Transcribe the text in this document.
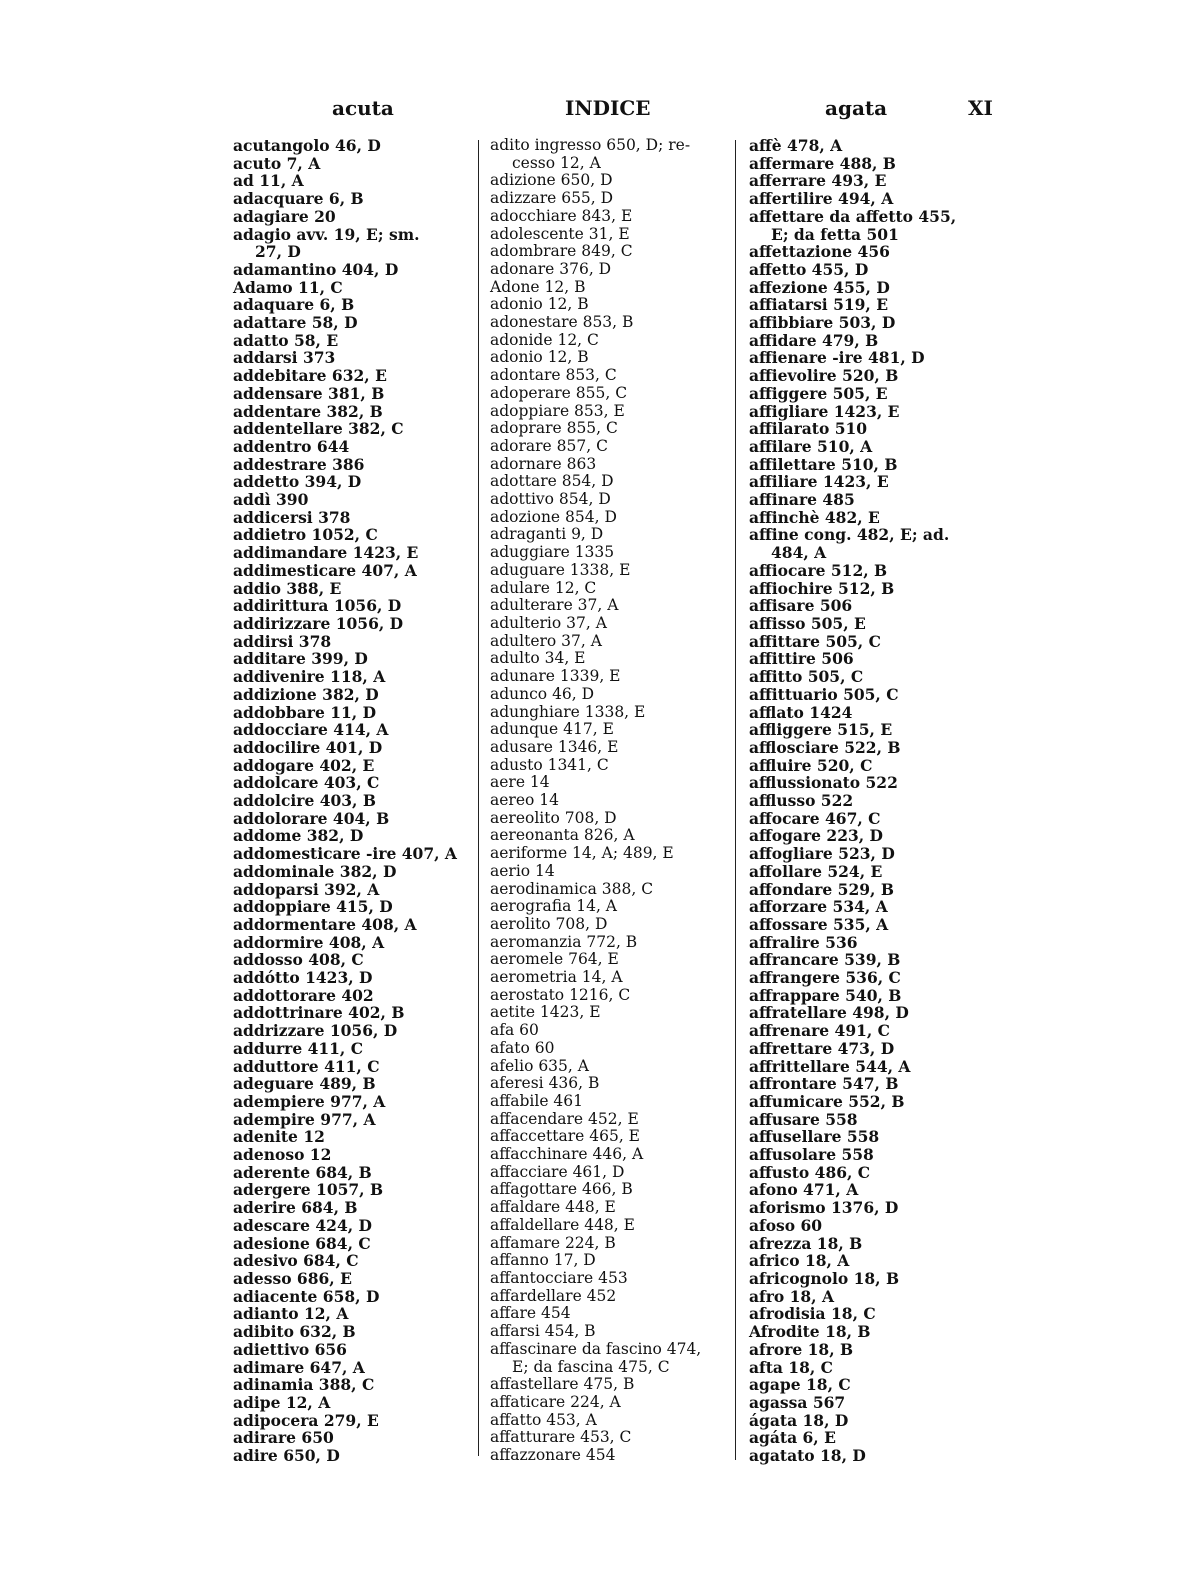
acuta	INDICE	agata	XI
acutangolo 46, D
acuto 7, A
ad 11, A
adacquare 6, B
adagiare 20
adagio avv. 19, E; sm.
27, D
adamantino 404, D
Adamo 11, C
adaquare 6, B
adattare 58, D
adatto 58, E
addarsi 373
addebitare 632, E
addensare 381, B
addentare 382, B
addentellare 382, C
addentro 644
addestrare 386
addetto 394, D
addì 390
addicersi 378
addietro 1052, C
addimandare 1423, E
addimesticare 407, A
addio 388, E
addirittura 1056, D
addirizzare 1056, D
addirsi 378
additare 399, D
addivenire 118, A
addizione 382, D
addobbare 11, D
addocciare 414, A
addocilire 401, D
addogare 402, E
addolcare 403, C
addolcire 403, B
addolorare 404, B
addome 382, D
addomesticare -ire 407, A
addominale 382, D
addoparsi 392, A
addoppiare 415, D
addormentare 408, A
addormire 408, A
addosso 408, C
addótto 1423, D
addottorare 402
addottrinare 402, B
addrizzare 1056, D
addurre 411, C
adduttore 411, C
adeguare 489, B
adempiere 977, A
adempire 977, A
adenite 12
adenoso 12
aderente 684, B
adergere 1057, B
aderire 684, B
adescare 424, D
adesione 684, C
adesivo 684, C
adesso 686, E
adiacente 658, D
adianto 12, A
adibito 632, B
adiettivo 656
adimare 647, A
adinamia 388, C
adipe 12, A
adipocera 279, E
adirare 650
adire 650, D
adito ingresso 650, D; re-
cesso 12, A
adizione 650, D
adizzare 655, D
adocchiare 843, E
adolescente 31, E
adombrare 849, C
adonare 376, D
Adone 12, B
adonio 12, B
adonestare 853, B
adonide 12, C
adonio 12, B
adontare 853, C
adoperare 855, C
adoppiare 853, E
adoprare 855, C
adorare 857, C
adornare 863
adottare 854, D
adottivo 854, D
adozione 854, D
adraganti 9, D
aduggiare 1335
aduguare 1338, E
adulare 12, C
adulterare 37, A
adulterio 37, A
adultero 37, A
adulto 34, E
adunare 1339, E
adunco 46, D
adunghiare 1338, E
adunque 417, E
adusare 1346, E
adusto 1341, C
aere 14
aereo 14
aereolito 708, D
aereonanta 826, A
aeriforme 14, A; 489, E
aerio 14
aerodinamica 388, C
aerografia 14, A
aerolito 708, D
aeromanzia 772, B
aeromele 764, E
aerometria 14, A
aerostato 1216, C
aetite 1423, E
afa 60
afato 60
afelio 635, A
aferesi 436, B
affabile 461
affacendare 452, E
affaccettare 465, E
affacchinare 446, A
affacciare 461, D
affagottare 466, B
affaldare 448, E
affaldellare 448, E
affamare 224, B
affanno 17, D
affantocciare 453
affardellare 452
affare 454
affarsi 454, B
affascinare da fascino 474,
E; da fascina 475, C
affastellare 475, B
affaticare 224, A
affatto 453, A
affatturare 453, C
affazzonare 454
affè 478, A
affermare 488, B
afferrare 493, E
affertilire 494, A
affettare da affetto 455,
E; da fetta 501
affettazione 456
affetto 455, D
affezione 455, D
affiatarsi 519, E
affibbiare 503, D
affidare 479, B
affienare -ire 481, D
affievolire 520, B
affiggere 505, E
affigliare 1423, E
affilarato 510
affilare 510, A
affilettare 510, B
affiliare 1423, E
affinare 485
affinchè 482, E
affine cong. 482, E; ad.
484, A
affiocare 512, B
affiochire 512, B
affisare 506
affisso 505, E
affittare 505, C
affittire 506
affitto 505, C
affittuario 505, C
afflato 1424
affliggere 515, E
afflosciare 522, B
affluire 520, C
afflussionato 522
afflusso 522
affocare 467, C
affogare 223, D
affogliare 523, D
affollare 524, E
affondare 529, B
afforzare 534, A
affossare 535, A
affralire 536
affrancare 539, B
affrangere 536, C
affrappare 540, B
affratellare 498, D
affrenare 491, C
affrettare 473, D
affrittellare 544, A
affrontare 547, B
affumicare 552, B
affusare 558
affusellare 558
affusolare 558
affusto 486, C
afono 471, A
aforismo 1376, D
afoso 60
afrezza 18, B
africo 18, A
africognolo 18, B
afro 18, A
afrodisia 18, C
Afrodite 18, B
afrore 18, B
afta 18, C
agape 18, C
agassa 567
ágata 18, D
agáta 6, E
agatato 18, D
